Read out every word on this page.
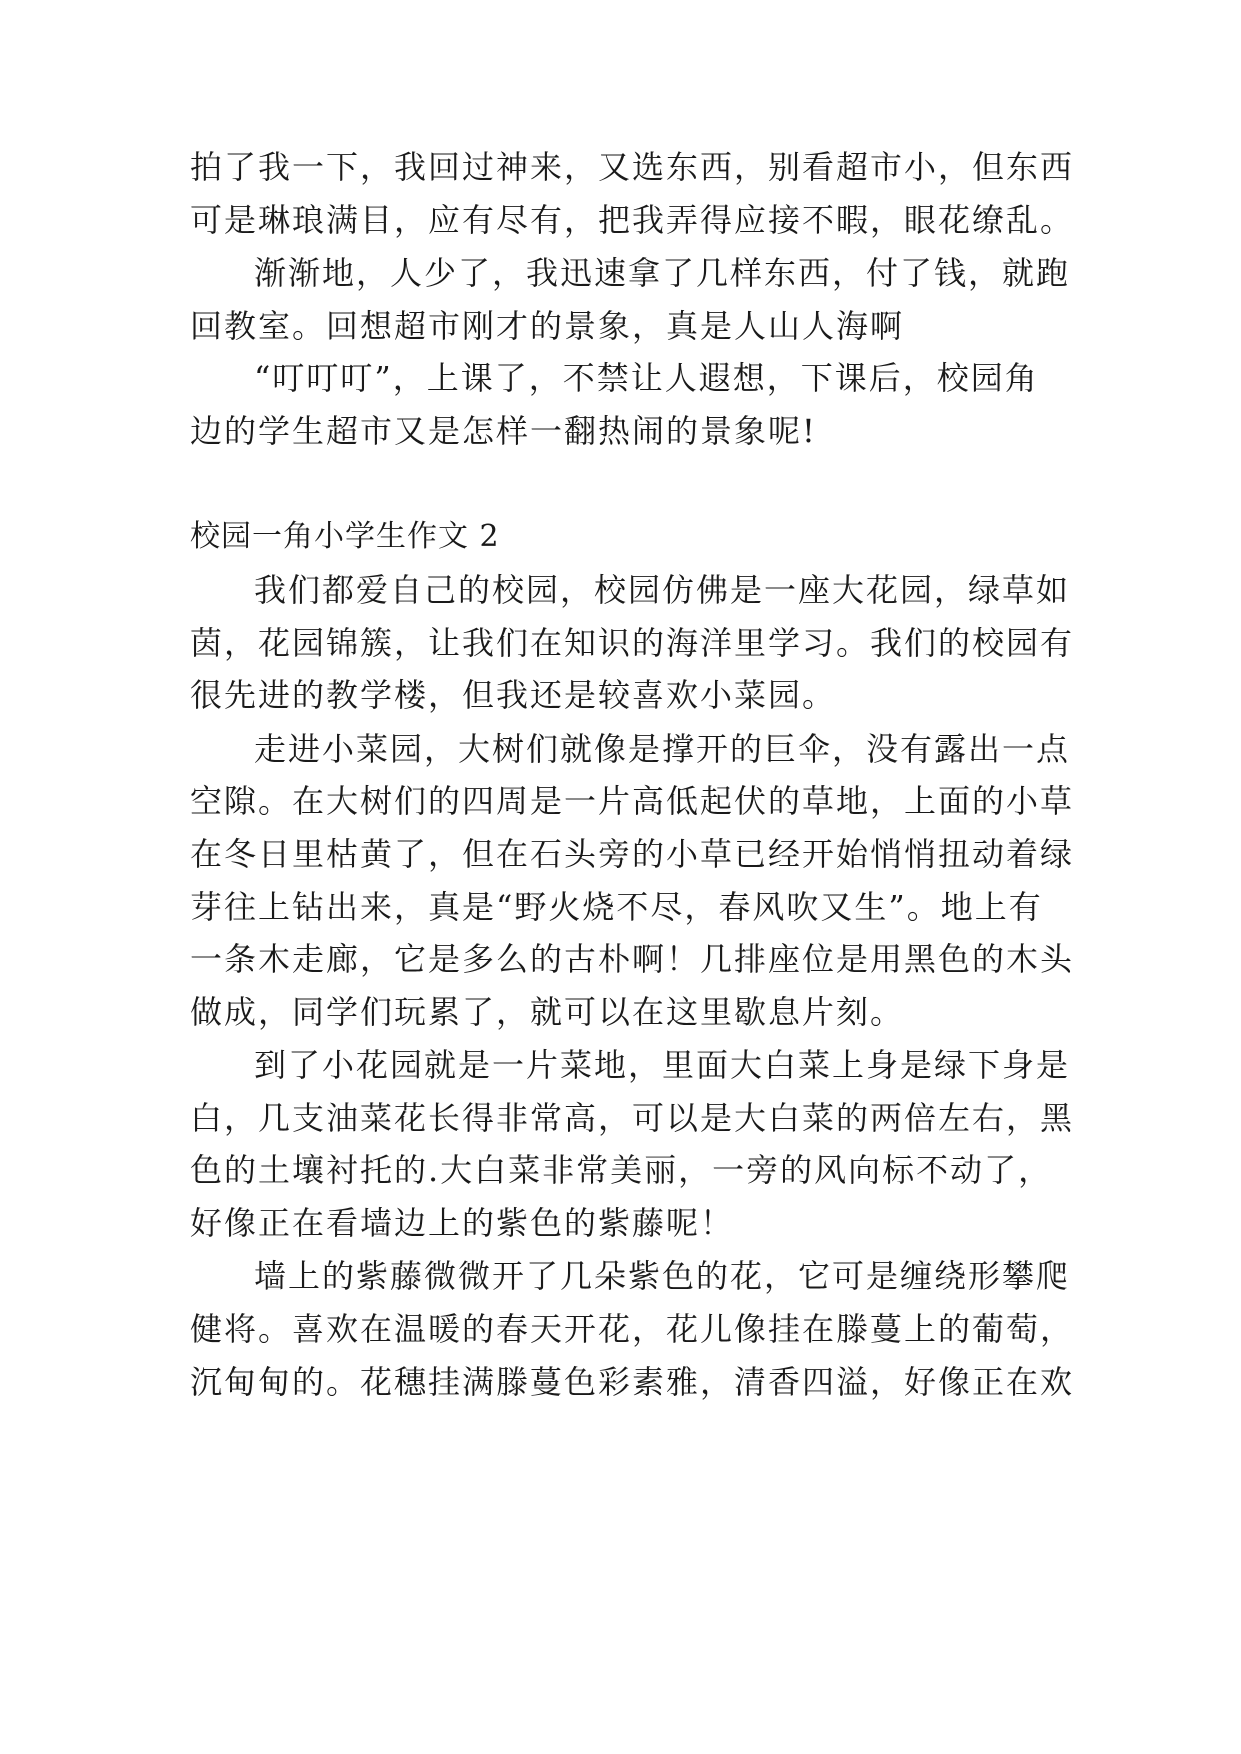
拍了我一下，我回过神来，又选东西，别看超市小，但东西
可是琳琅满目，应有尽有，把我弄得应接不暇，眼花缭乱。
渐渐地，人少了，我迅速拿了几样东西，付了钱，就跑
回教室。回想超市刚才的景象，真是人山人海啊
“叮叮叮”，上课了，不禁让人遐想，下课后，校园角
边的学生超市又是怎样一翻热闹的景象呢!
校园一角小学生作文 2
我们都爱自己的校园，校园仿佛是一座大花园，绿草如
茵，花园锦簇，让我们在知识的海洋里学习。我们的校园有
很先进的教学楼，但我还是较喜欢小菜园。
走进小菜园，大树们就像是撑开的巨伞，没有露出一点
空隙。在大树们的四周是一片高低起伏的草地，上面的小草
在冬日里枯黄了，但在石头旁的小草已经开始悄悄扭动着绿
芽往上钻出来，真是“野火烧不尽，春风吹又生”。地上有
一条木走廊，它是多么的古朴啊！几排座位是用黑色的木头
做成，同学们玩累了，就可以在这里歇息片刻。
到了小花园就是一片菜地，里面大白菜上身是绿下身是
白，几支油菜花长得非常高，可以是大白菜的两倍左右，黑
色的土壤衬托的.大白菜非常美丽，一旁的风向标不动了，
好像正在看墙边上的紫色的紫藤呢！
墙上的紫藤微微开了几朵紫色的花，它可是缠绕形攀爬
健将。喜欢在温暖的春天开花，花儿像挂在滕蔓上的葡萄，
沉甸甸的。花穗挂满滕蔓色彩素雅，清香四溢，好像正在欢
